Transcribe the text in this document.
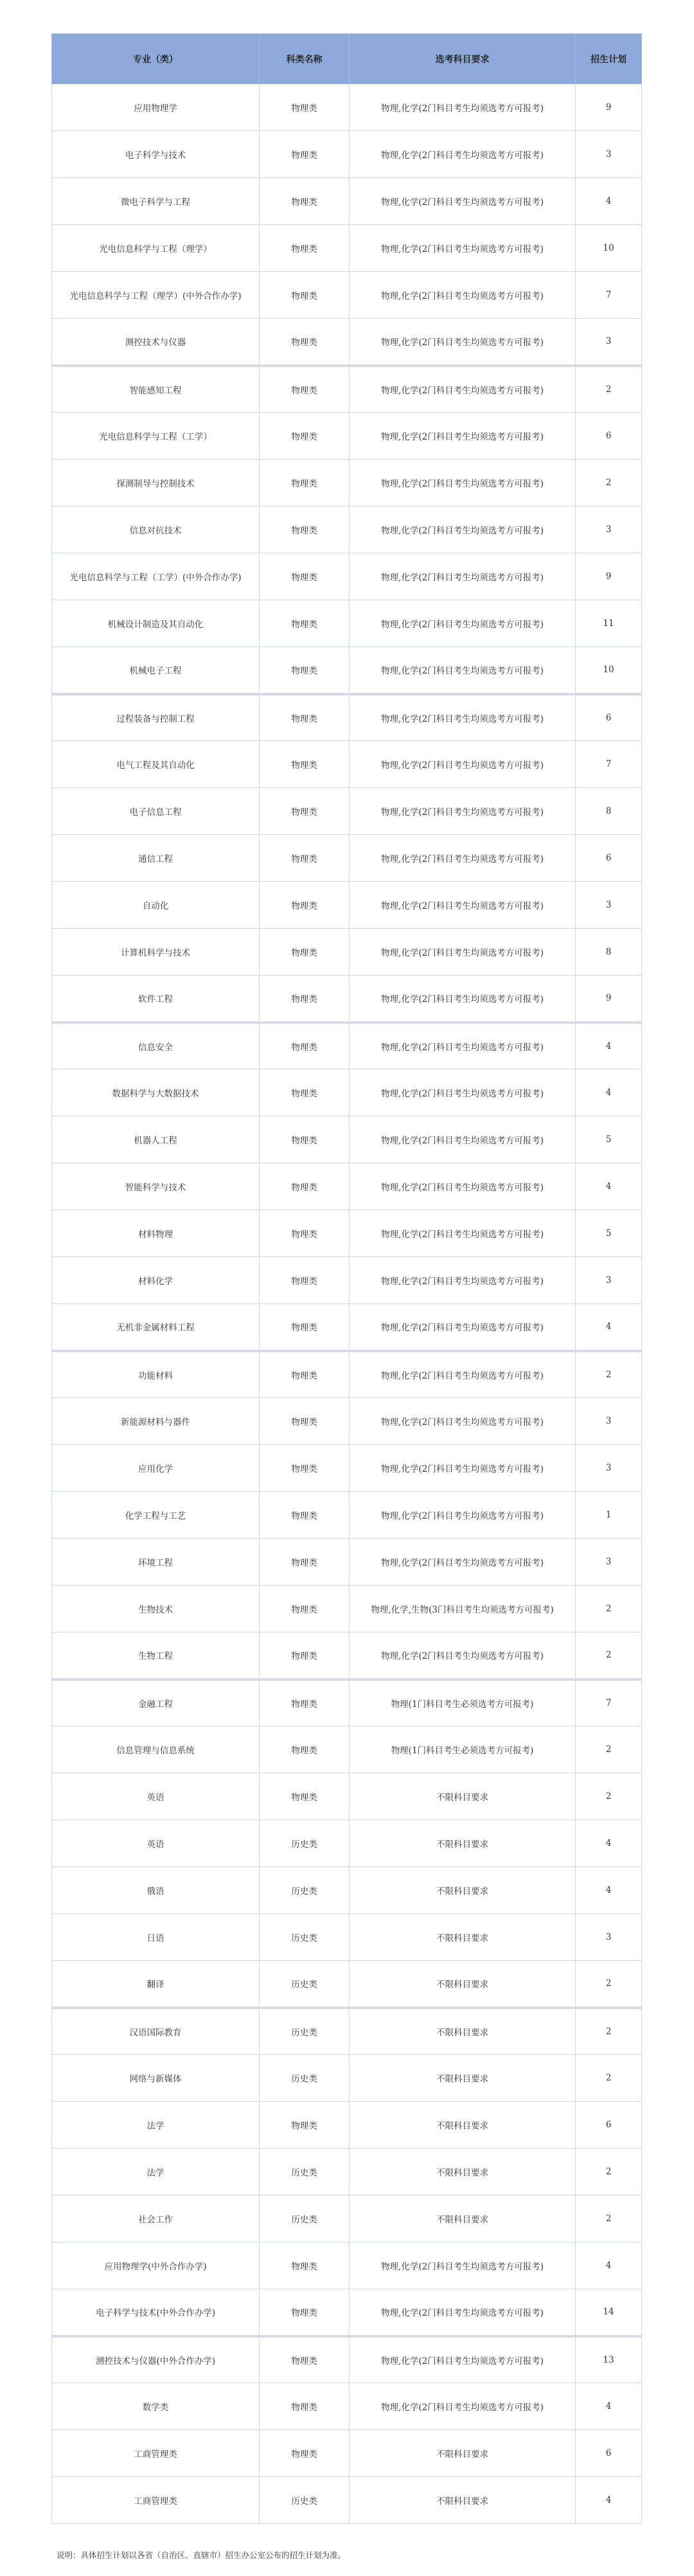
专业（类）	科类名称	选考科目要求	招生计划
应用物理学	物理类	物理,化学(2门科目考生均须选考方可报考)	9
电子科学与技术	物理类	物理,化学(2门科目考生均须选考方可报考)	3
微电子科学与工程	物理类	物理,化学(2门科目考生均须选考方可报考)	4
光电信息科学与工程（理学）	物理类	物理,化学(2门科目考生均须选考方可报考)	10
光电信息科学与工程（理学）(中外合作办学)	物理类	物理,化学(2门科目考生均须选考方可报考)	7
测控技术与仪器	物理类	物理,化学(2门科目考生均须选考方可报考)	3
智能感知工程	物理类	物理,化学(2门科目考生均须选考方可报考)	2
光电信息科学与工程（工学）	物理类	物理,化学(2门科目考生均须选考方可报考)	6
探测制导与控制技术	物理类	物理,化学(2门科目考生均须选考方可报考)	2
信息对抗技术	物理类	物理,化学(2门科目考生均须选考方可报考)	3
光电信息科学与工程（工学）(中外合作办学)	物理类	物理,化学(2门科目考生均须选考方可报考)	9
机械设计制造及其自动化	物理类	物理,化学(2门科目考生均须选考方可报考)	11
机械电子工程	物理类	物理,化学(2门科目考生均须选考方可报考)	10
过程装备与控制工程	物理类	物理,化学(2门科目考生均须选考方可报考)	6
电气工程及其自动化	物理类	物理,化学(2门科目考生均须选考方可报考)	7
电子信息工程	物理类	物理,化学(2门科目考生均须选考方可报考)	8
通信工程	物理类	物理,化学(2门科目考生均须选考方可报考)	6
自动化	物理类	物理,化学(2门科目考生均须选考方可报考)	3
计算机科学与技术	物理类	物理,化学(2门科目考生均须选考方可报考)	8
软件工程	物理类	物理,化学(2门科目考生均须选考方可报考)	9
信息安全	物理类	物理,化学(2门科目考生均须选考方可报考)	4
数据科学与大数据技术	物理类	物理,化学(2门科目考生均须选考方可报考)	4
机器人工程	物理类	物理,化学(2门科目考生均须选考方可报考)	5
智能科学与技术	物理类	物理,化学(2门科目考生均须选考方可报考)	4
材料物理	物理类	物理,化学(2门科目考生均须选考方可报考)	5
材料化学	物理类	物理,化学(2门科目考生均须选考方可报考)	3
无机非金属材料工程	物理类	物理,化学(2门科目考生均须选考方可报考)	4
功能材料	物理类	物理,化学(2门科目考生均须选考方可报考)	2
新能源材料与器件	物理类	物理,化学(2门科目考生均须选考方可报考)	3
应用化学	物理类	物理,化学(2门科目考生均须选考方可报考)	3
化学工程与工艺	物理类	物理,化学(2门科目考生均须选考方可报考)	1
环境工程	物理类	物理,化学(2门科目考生均须选考方可报考)	3
生物技术	物理类	物理,化学,生物(3门科目考生均须选考方可报考)	2
生物工程	物理类	物理,化学(2门科目考生均须选考方可报考)	2
金融工程	物理类	物理(1门科目考生必须选考方可报考)	7
信息管理与信息系统	物理类	物理(1门科目考生必须选考方可报考)	2
英语	物理类	不限科目要求	2
英语	历史类	不限科目要求	4
俄语	历史类	不限科目要求	4
日语	历史类	不限科目要求	3
翻译	历史类	不限科目要求	2
汉语国际教育	历史类	不限科目要求	2
网络与新媒体	历史类	不限科目要求	2
法学	物理类	不限科目要求	6
法学	历史类	不限科目要求	2
社会工作	历史类	不限科目要求	2
应用物理学(中外合作办学)	物理类	物理,化学(2门科目考生均须选考方可报考)	4
电子科学与技术(中外合作办学)	物理类	物理,化学(2门科目考生均须选考方可报考)	14
测控技术与仪器(中外合作办学)	物理类	物理,化学(2门科目考生均须选考方可报考)	13
数学类	物理类	物理,化学(2门科目考生均须选考方可报考)	4
工商管理类	物理类	不限科目要求	6
工商管理类	历史类	不限科目要求	4
说明：具体招生计划以各省（自治区、直辖市）招生办公室公布的招生计划为准。
